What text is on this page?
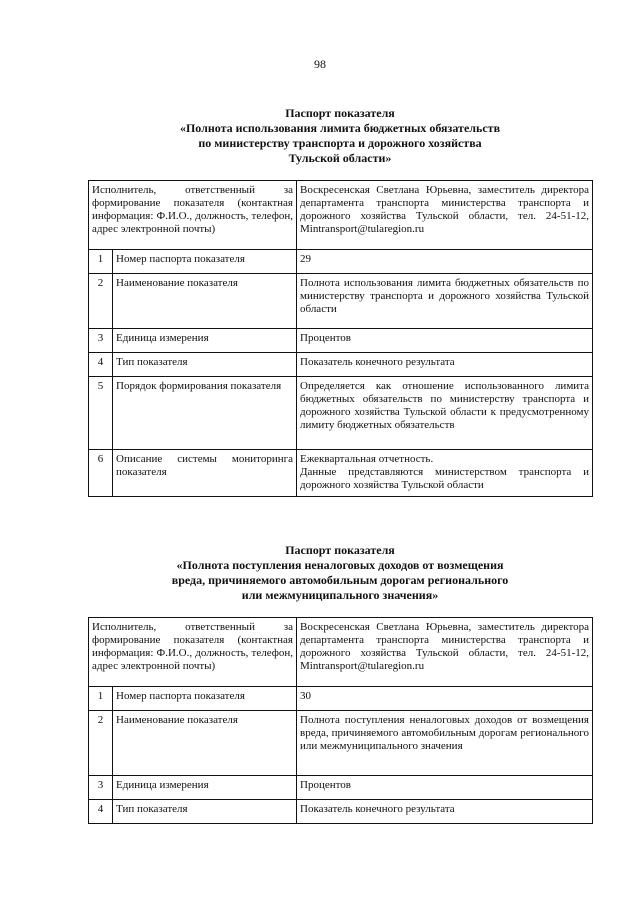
98
Паспорт показателя
«Полнота использования лимита бюджетных обязательств
по министерству транспорта и дорожного хозяйства
Тульской области»
Исполнитель, ответственный за формирование показателя (контактная информация: Ф.И.О., должность, телефон, адрес электронной почты)		Воскресенская Светлана Юрьевна, заместитель директора департамента транспорта министерства транспорта и дорожного хозяйства Тульской области, тел. 24-51-12, Mintransport@tularegion.ru
1	Номер паспорта показателя	29
2	Наименование показателя	Полнота использования лимита бюджетных обязательств по министерству транспорта и дорожного хозяйства Тульской области
3	Единица измерения	Процентов
4	Тип показателя	Показатель конечного результата
5	Порядок формирования показателя	Определяется как отношение использованного лимита бюджетных обязательств по министерству транспорта и дорожного хозяйства Тульской области к предусмотренному лимиту бюджетных обязательств
6	Описание системы мониторинга показателя	Ежеквартальная отчетность.
Данные представляются министерством транспорта и дорожного хозяйства Тульской области
Паспорт показателя
«Полнота поступления неналоговых доходов от возмещения
вреда, причиняемого автомобильным дорогам регионального
или межмуниципального значения»
Исполнитель, ответственный за формирование показателя (контактная информация: Ф.И.О., должность, телефон, адрес электронной почты)		Воскресенская Светлана Юрьевна, заместитель директора департамента транспорта министерства транспорта и дорожного хозяйства Тульской области, тел. 24-51-12, Mintransport@tularegion.ru
1	Номер паспорта показателя	30
2	Наименование показателя	Полнота поступления неналоговых доходов от возмещения вреда, причиняемого автомобильным дорогам регионального или межмуниципального значения
3	Единица измерения	Процентов
4	Тип показателя	Показатель конечного результата
